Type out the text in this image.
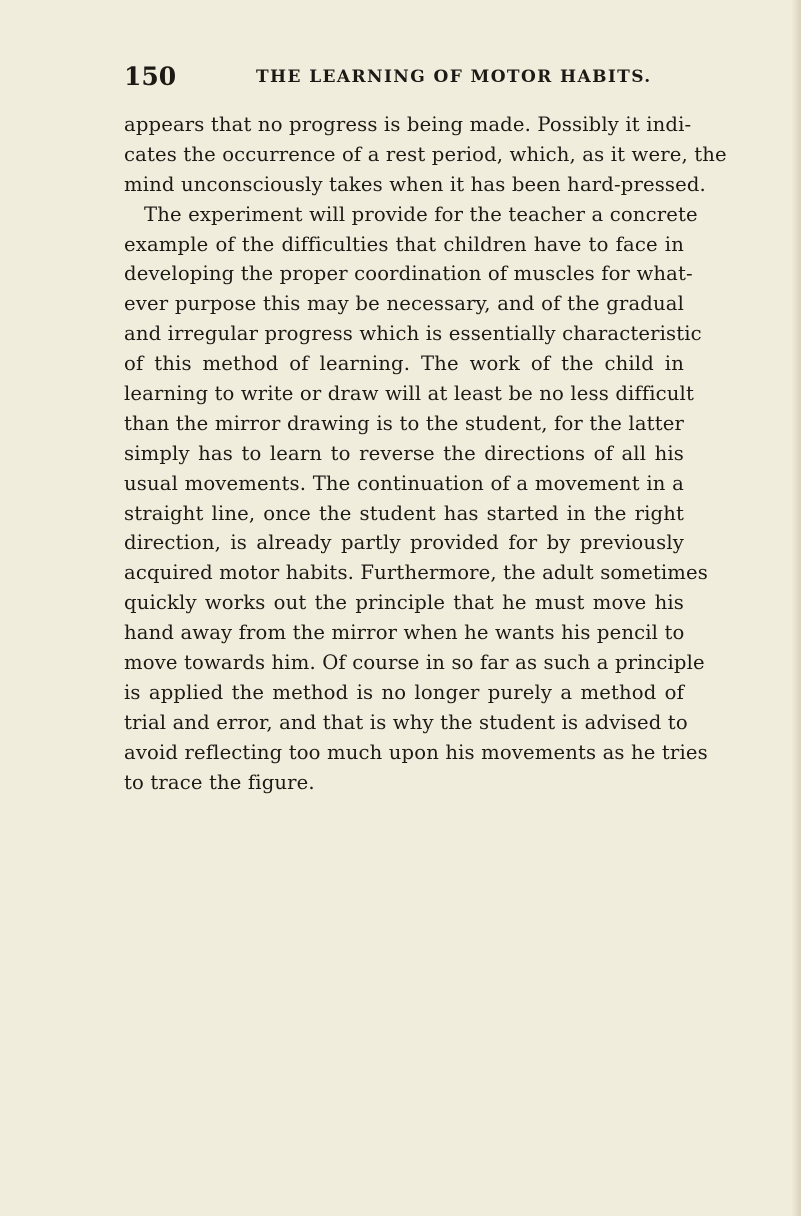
150	THE LEARNING OF MOTOR HABITS.
appears that no progress is being made. Possibly it indi-
cates the occurrence of a rest period, which, as it were, the
mind unconsciously takes when it has been hard-pressed.
The experiment will provide for the teacher a concrete
example of the difficulties that children have to face in
developing the proper coordination of muscles for what-
ever purpose this may be necessary, and of the gradual
and irregular progress which is essentially characteristic
of this method of learning. The work of the child in
learning to write or draw will at least be no less difficult
than the mirror drawing is to the student, for the latter
simply has to learn to reverse the directions of all his
usual movements. The continuation of a movement in a
straight line, once the student has started in the right
direction, is already partly provided for by previously
acquired motor habits. Furthermore, the adult sometimes
quickly works out the principle that he must move his
hand away from the mirror when he wants his pencil to
move towards him. Of course in so far as such a principle
is applied the method is no longer purely a method of
trial and error, and that is why the student is advised to
avoid reflecting too much upon his movements as he tries
to trace the figure.
